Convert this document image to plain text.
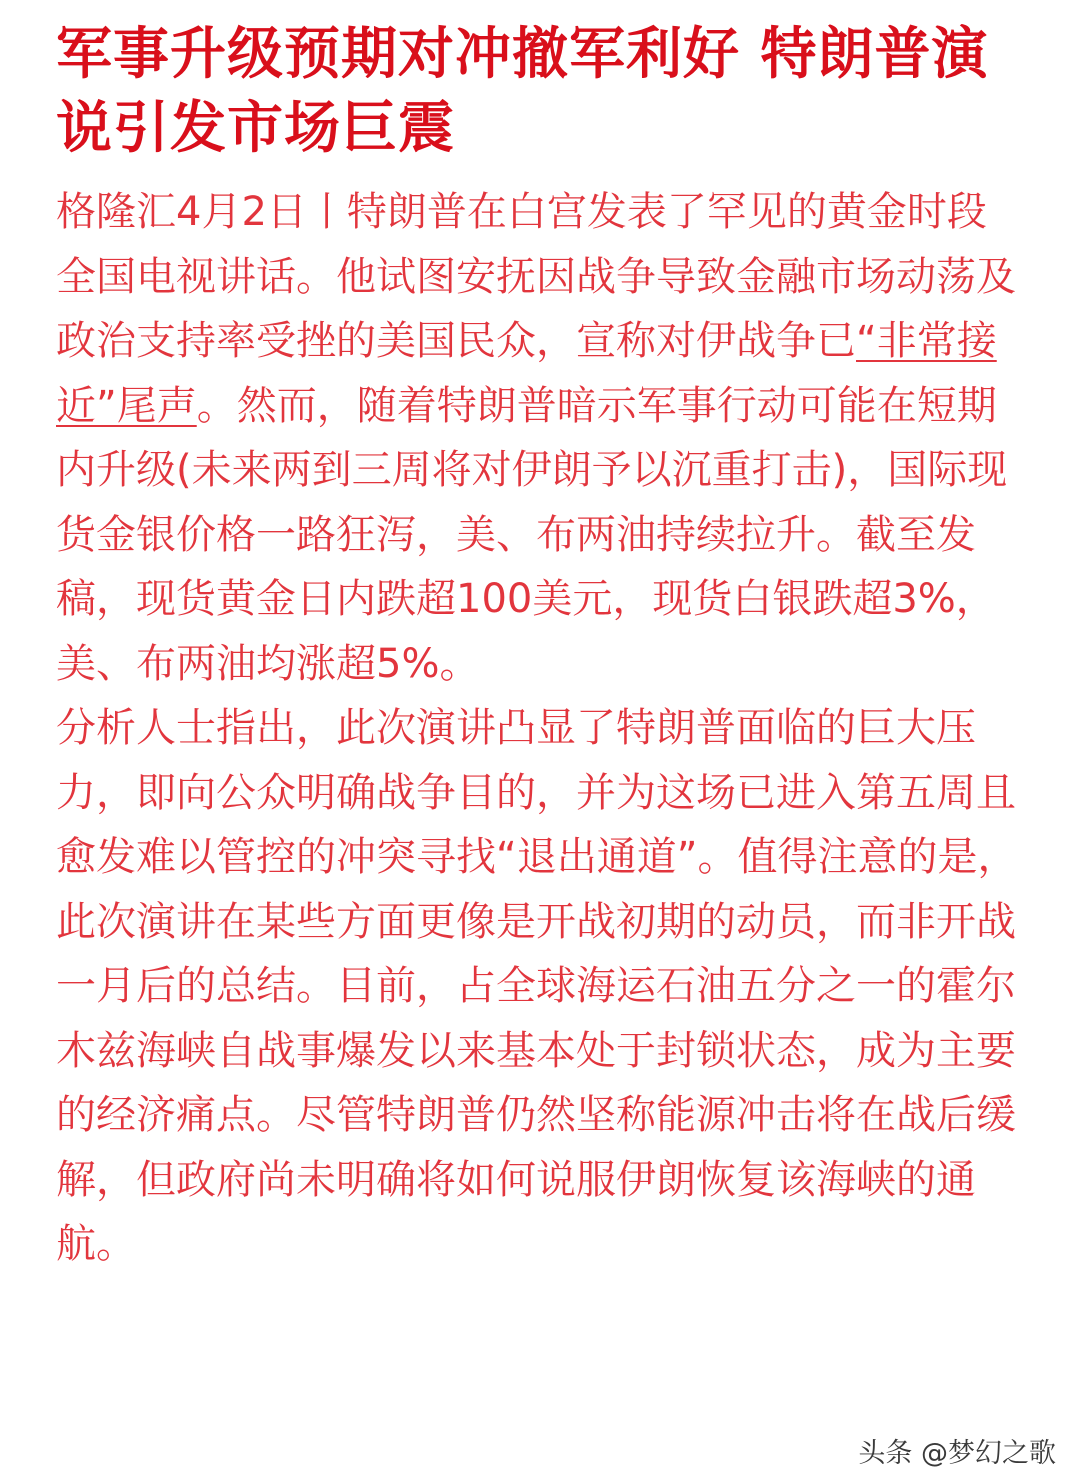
军事升级预期对冲撤军利好 特朗普演说引发市场巨震

格隆汇4月2日丨特朗普在白宫发表了罕见的黄金时段全国电视讲话。他试图安抚因战争导致金融市场动荡及政治支持率受挫的美国民众，宣称对伊战争已“非常接近”尾声。然而，随着特朗普暗示军事行动可能在短期内升级(未来两到三周将对伊朗予以沉重打击)，国际现货金银价格一路狂泻，美、布两油持续拉升。截至发稿，现货黄金日内跌超100美元，现货白银跌超3%，美、布两油均涨超5%。

分析人士指出，此次演讲凸显了特朗普面临的巨大压力，即向公众明确战争目的，并为这场已进入第五周且愈发难以管控的冲突寻找“退出通道”。值得注意的是，此次演讲在某些方面更像是开战初期的动员，而非开战一月后的总结。目前，占全球海运石油五分之一的霍尔木兹海峡自战事爆发以来基本处于封锁状态，成为主要的经济痛点。尽管特朗普仍然坚称能源冲击将在战后缓解，但政府尚未明确将如何说服伊朗恢复该海峡的通航。

头条 @梦幻之歌
